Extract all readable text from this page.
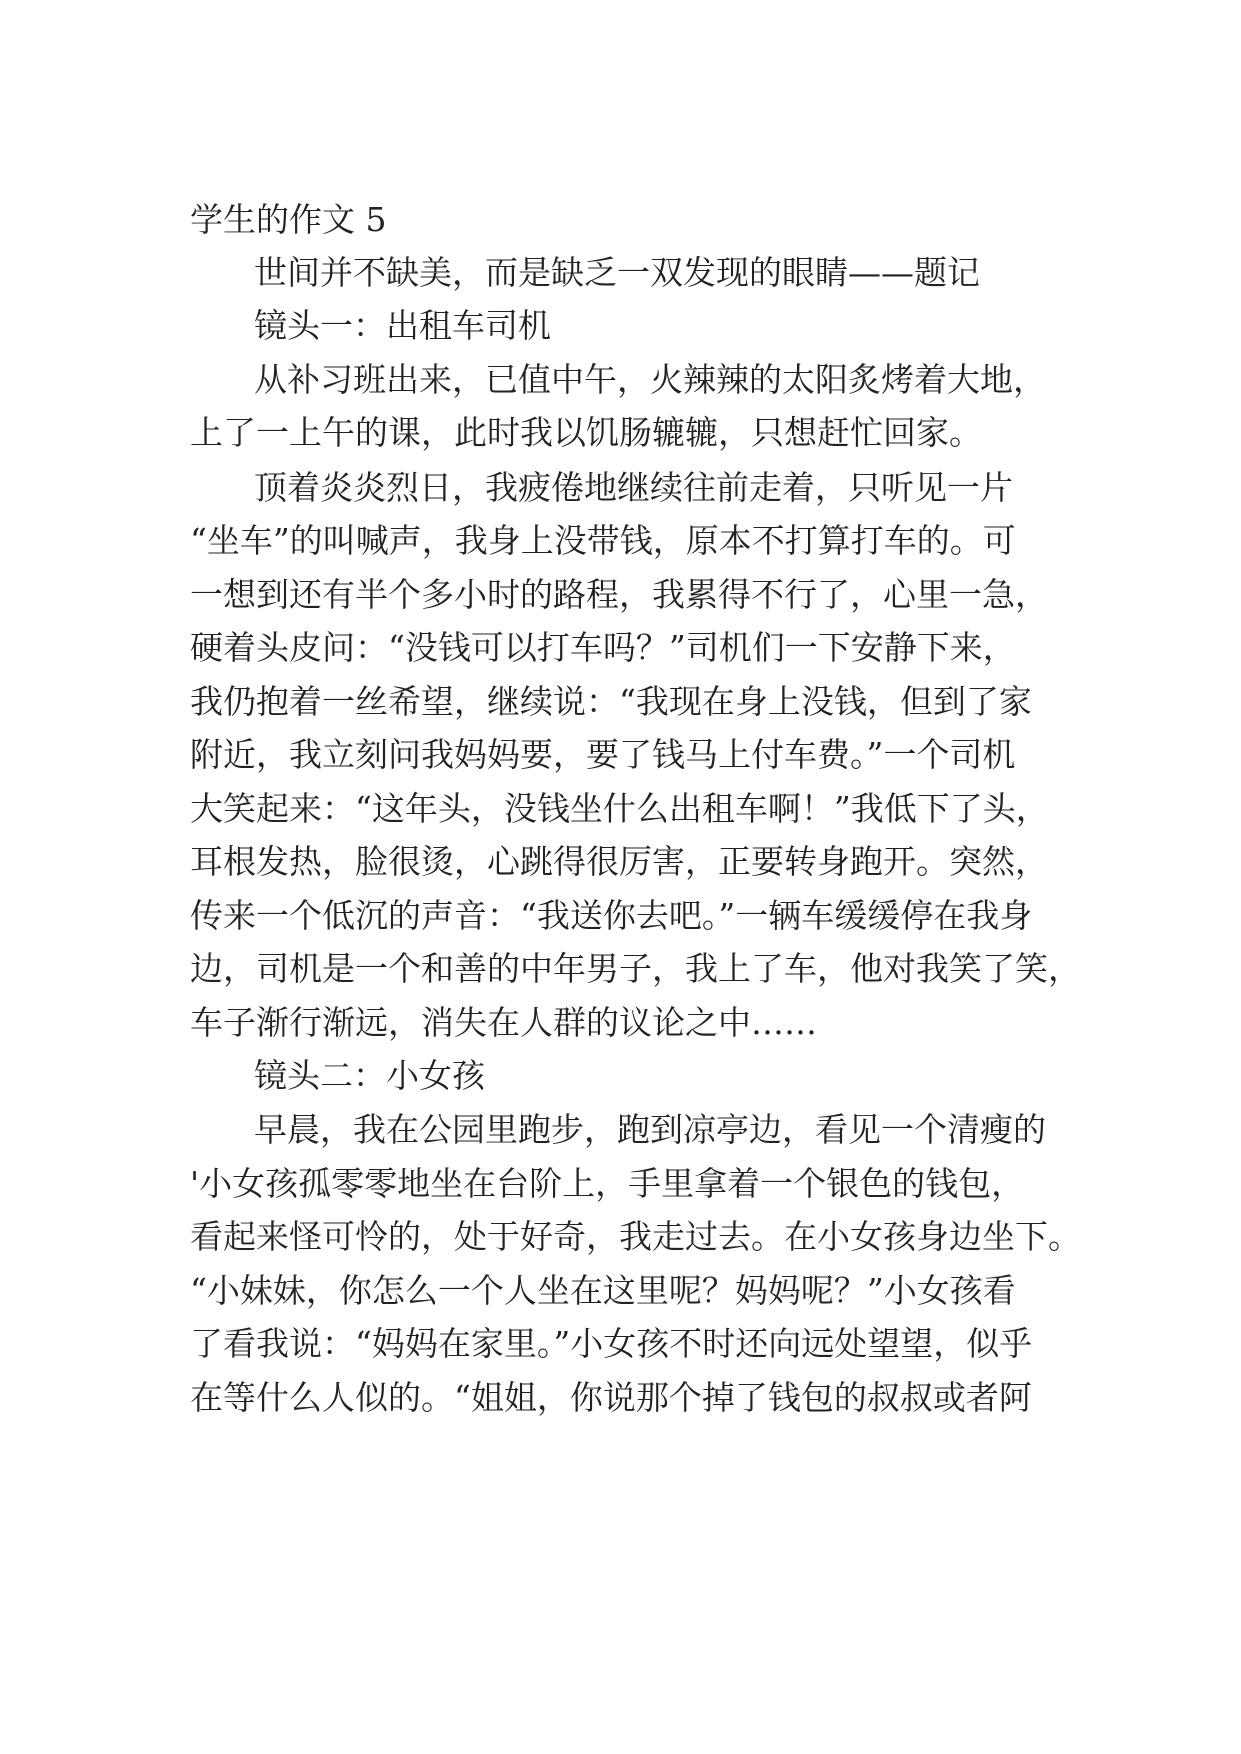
学生的作文 5

世间并不缺美，而是缺乏一双发现的眼睛——题记

镜头一：出租车司机

从补习班出来，已值中午，火辣辣的太阳炙烤着大地，

上了一上午的课，此时我以饥肠辘辘，只想赶忙回家。

顶着炎炎烈日，我疲倦地继续往前走着，只听见一片

“坐车”的叫喊声，我身上没带钱，原本不打算打车的。可

一想到还有半个多小时的路程，我累得不行了，心里一急，

硬着头皮问：“没钱可以打车吗？”司机们一下安静下来，

我仍抱着一丝希望，继续说：“我现在身上没钱，但到了家

附近，我立刻问我妈妈要，要了钱马上付车费。”一个司机

大笑起来：“这年头，没钱坐什么出租车啊！”我低下了头，

耳根发热，脸很烫，心跳得很厉害，正要转身跑开。突然，

传来一个低沉的声音：“我送你去吧。”一辆车缓缓停在我身

边，司机是一个和善的中年男子，我上了车，他对我笑了笑，

车子渐行渐远，消失在人群的议论之中……

镜头二：小女孩

早晨，我在公园里跑步，跑到凉亭边，看见一个清瘦的

'小女孩孤零零地坐在台阶上，手里拿着一个银色的钱包，

看起来怪可怜的，处于好奇，我走过去。在小女孩身边坐下。

“小妹妹，你怎么一个人坐在这里呢？妈妈呢？”小女孩看

了看我说：“妈妈在家里。”小女孩不时还向远处望望，似乎

在等什么人似的。“姐姐，你说那个掉了钱包的叔叔或者阿
